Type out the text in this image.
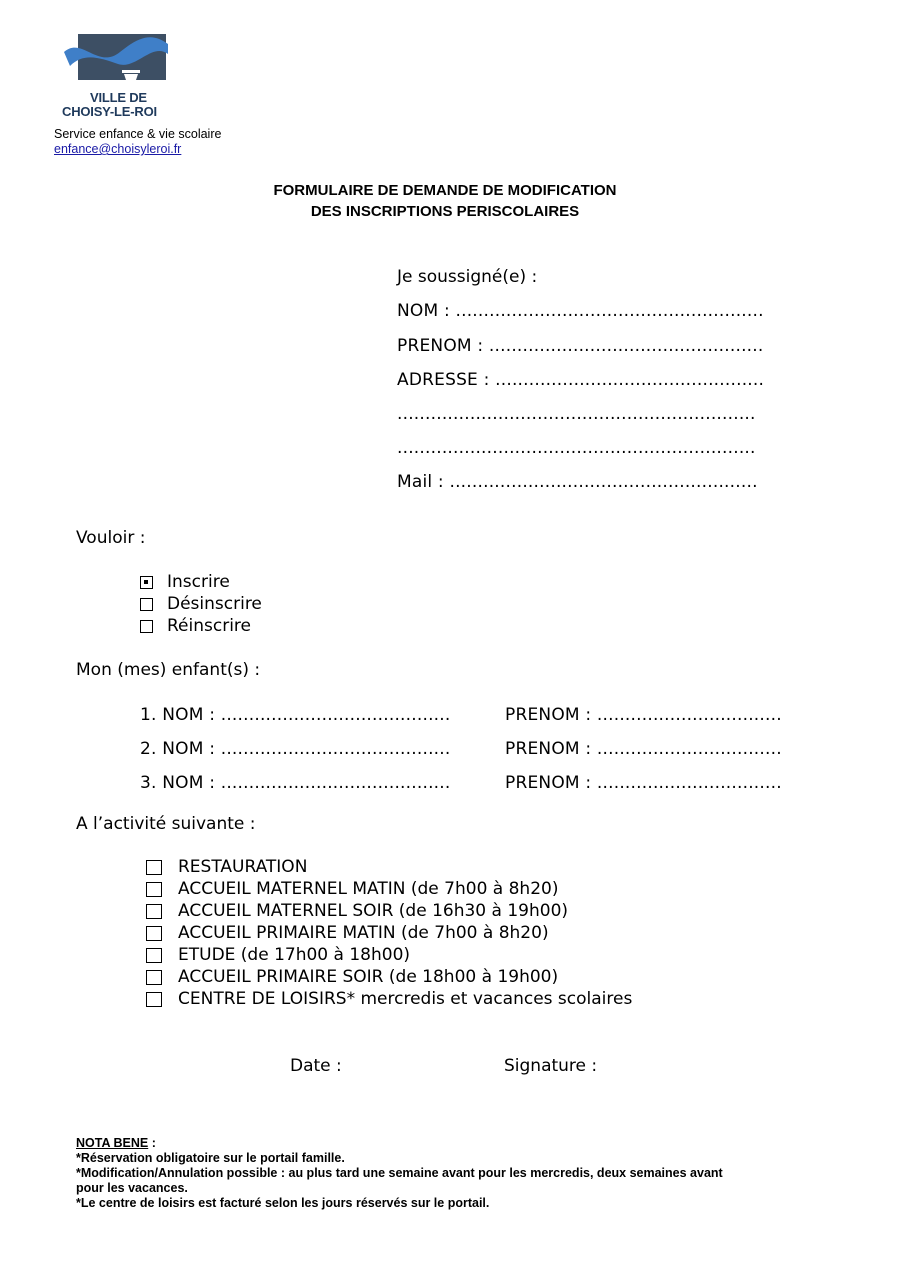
VILLE DE
CHOISY-LE-ROI
Service enfance & vie scolaire
enfance@choisyleroi.fr
FORMULAIRE DE DEMANDE DE MODIFICATION
DES INSCRIPTIONS PERISCOLAIRES
Je soussigné(e) :
NOM : .......................................................
PRENOM : .................................................
ADRESSE : ................................................
................................................................
................................................................
Mail : .......................................................
Vouloir :
Inscrire
Désinscrire
Réinscrire
Mon (mes) enfant(s) :
1. NOM : .........................................	PRENOM : .................................
2. NOM : .........................................	PRENOM : .................................
3. NOM : .........................................	PRENOM : .................................
A l’activité suivante :
RESTAURATION
ACCUEIL MATERNEL MATIN (de 7h00 à 8h20)
ACCUEIL MATERNEL SOIR (de 16h30 à 19h00)
ACCUEIL PRIMAIRE MATIN (de 7h00 à 8h20)
ETUDE (de 17h00 à 18h00)
ACCUEIL PRIMAIRE SOIR (de 18h00 à 19h00)
CENTRE DE LOISIRS* mercredis et vacances scolaires
Date :	Signature :
NOTA BENE :
*Réservation obligatoire sur le portail famille.
*Modification/Annulation possible : au plus tard une semaine avant pour les mercredis, deux semaines avant
pour les vacances.
*Le centre de loisirs est facturé selon les jours réservés sur le portail.
